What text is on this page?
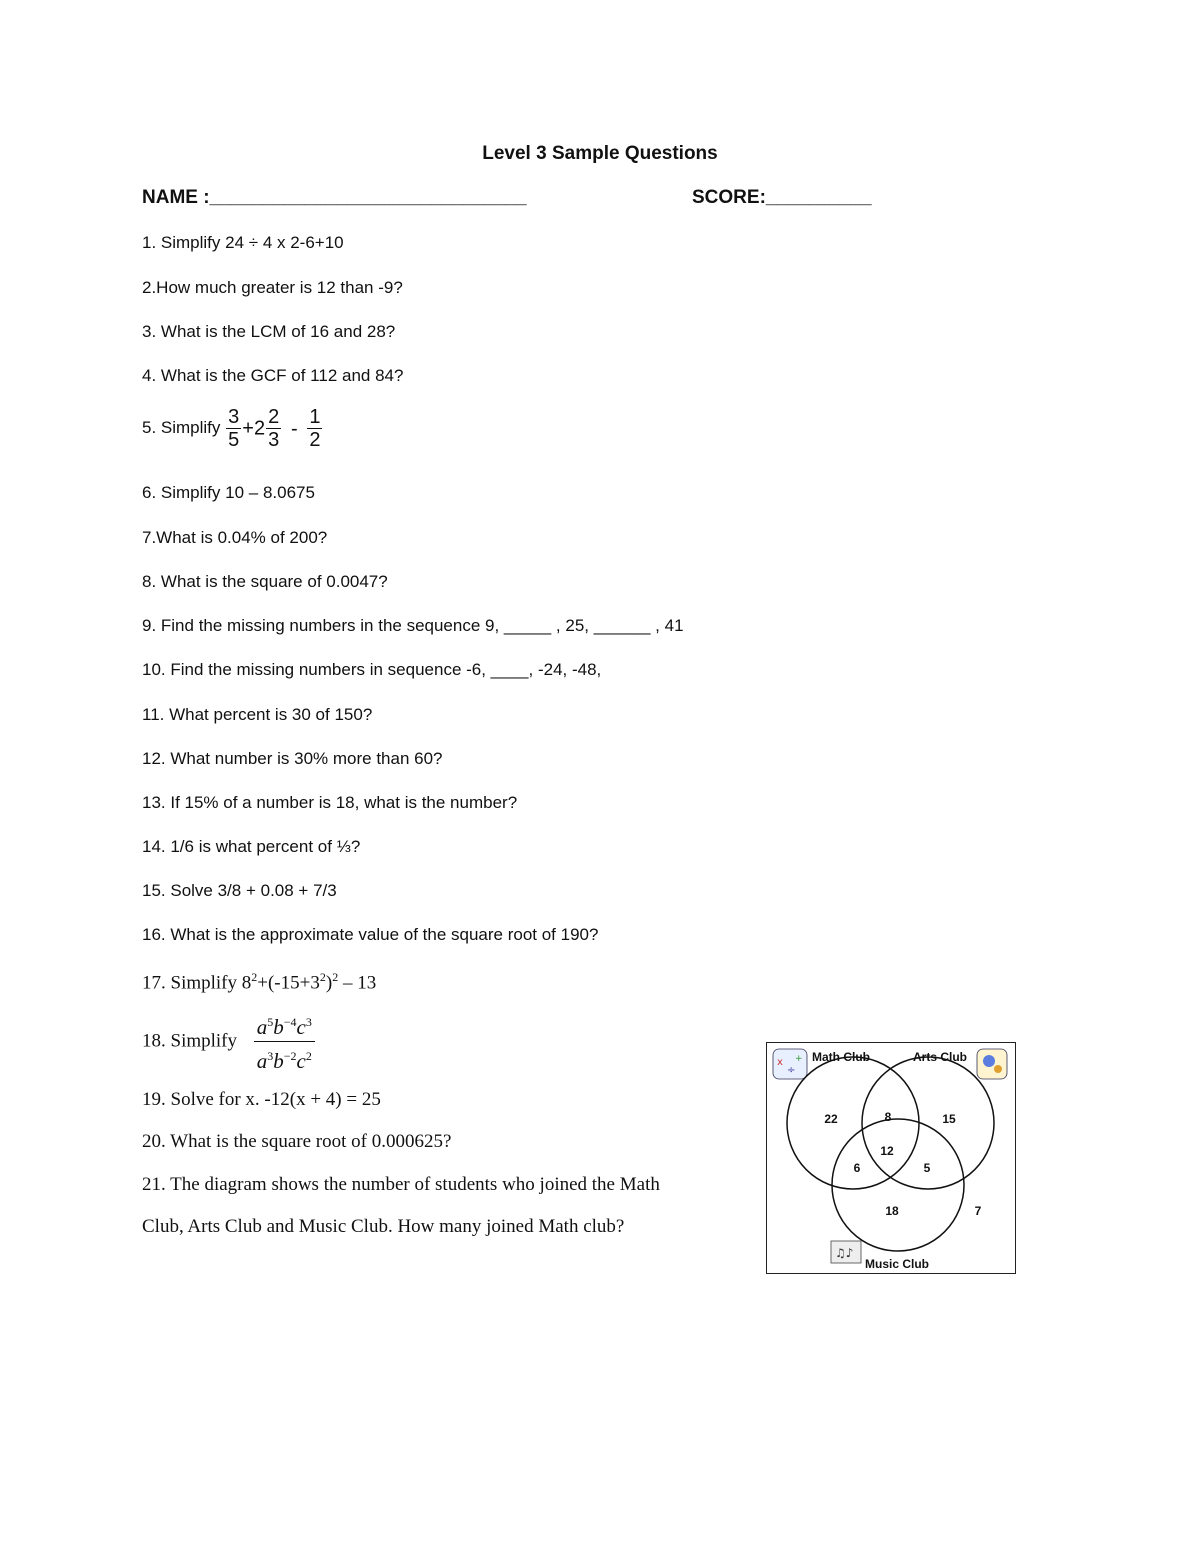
Level 3 Sample Questions
NAME :______________________________	SCORE:__________
1. Simplify 24 ÷ 4 x 2-6+10
2.How much greater is 12 than -9?
3. What is the LCM of 16 and 28?
4. What is the GCF of 112 and 84?
5. Simplify $\frac{3}{5} +2 \frac{2}{3} - \frac{1}{2}$
6. Simplify 10 – 8.0675
7.What is 0.04% of 200?
8. What is the square of 0.0047?
9. Find the missing numbers in the sequence 9, _____ , 25, ______ , 41
10. Find the missing numbers in sequence -6, ____, -24, -48,
11. What percent is 30 of 150?
12. What number is 30% more than 60?
13. If 15% of a number is 18, what is the number?
14. 1/6 is what percent of ⅓?
15. Solve 3/8 + 0.08 + 7/3
16. What is the approximate value of the square root of 190?
17. Simplify $8^2+(-15+3^2)^2 - 13$
18. Simplify $\frac{a^5b^{-4}c^3}{a^3b^{-2}c^2}$
19. Solve for x. -12(x + 4) = 25
20. What is the square root of 0.000625?
21. The diagram shows the number of students who joined the Math
Club, Arts Club and Music Club. How many joined Math club?
x
÷
+
♫♪
Math Club	Arts Club
Music Club
22	15
8
12
6	5
18	7
